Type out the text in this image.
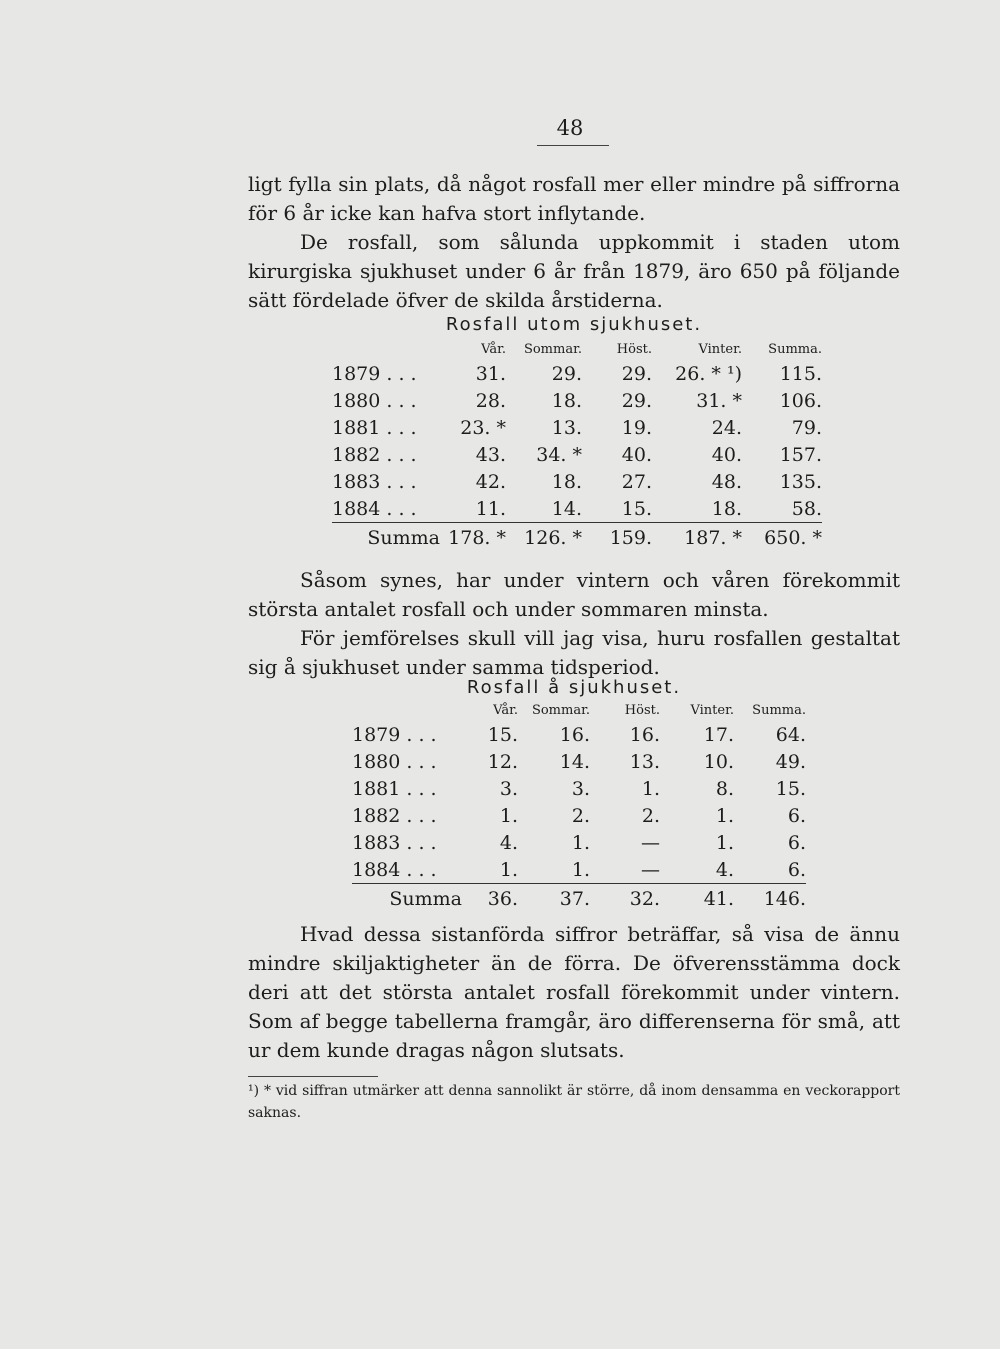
48

ligt fylla sin plats, då något rosfall mer eller mindre på siffrorna för 6 år icke kan hafva stort inflytande.

De rosfall, som sålunda uppkommit i staden utom kirurgiska sjukhuset under 6 år från 1879, äro 650 på följande sätt fördelade öfver de skilda årstiderna.

Rosfall utom sjukhuset.
	Vår.	Sommar.	Höst.	Vinter.	Summa.
1879 . . .	31.	29.	29.	26. * ¹)	115.
1880 . . .	28.	18.	29.	31. *	106.
1881 . . .	23. *	13.	19.	24.	79.
1882 . . .	43.	34. *	40.	40.	157.
1883 . . .	42.	18.	27.	48.	135.
1884 . . .	11.	14.	15.	18.	58.
Summa	178. *	126. *	159.	187. *	650. *

Såsom synes, har under vintern och våren förekommit största antalet rosfall och under sommaren minsta.

För jemförelses skull vill jag visa, huru rosfallen gestaltat sig å sjukhuset under samma tidsperiod.

Rosfall å sjukhuset.
	Vår.	Sommar.	Höst.	Vinter.	Summa.
1879 . . .	15.	16.	16.	17.	64.
1880 . . .	12.	14.	13.	10.	49.
1881 . . .	3.	3.	1.	8.	15.
1882 . . .	1.	2.	2.	1.	6.
1883 . . .	4.	1.	—	1.	6.
1884 . . .	1.	1.	—	4.	6.
Summa	36.	37.	32.	41.	146.

Hvad dessa sistanförda siffror beträffar, så visa de ännu mindre skiljaktigheter än de förra. De öfverensstämma dock deri att det största antalet rosfall förekommit under vintern. Som af begge tabellerna framgår, äro differenserna för små, att ur dem kunde dragas någon slutsats.

¹) * vid siffran utmärker att denna sannolikt är större, då inom densamma en veckorapport saknas.
